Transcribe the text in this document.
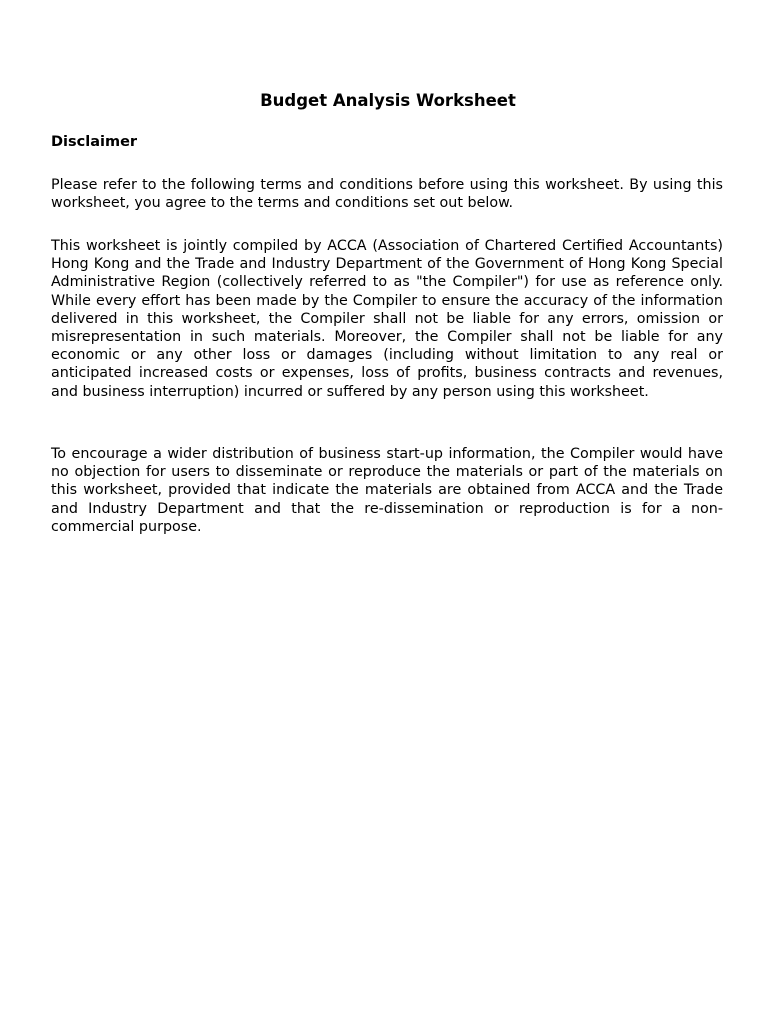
Budget Analysis Worksheet
Disclaimer

Please refer to the following terms and conditions before using this worksheet. By using this worksheet, you agree to the terms and conditions set out below.

This worksheet is jointly compiled by ACCA (Association of Chartered Certified Accountants) Hong Kong and the Trade and Industry Department of the Government of Hong Kong Special Administrative Region (collectively referred to as "the Compiler") for use as reference only. While every effort has been made by the Compiler to ensure the accuracy of the information delivered in this worksheet, the Compiler shall not be liable for any errors, omission or misrepresentation in such materials. Moreover, the Compiler shall not be liable for any economic or any other loss or damages (including without limitation to any real or anticipated increased costs or expenses, loss of profits, business contracts and revenues, and business interruption) incurred or suffered by any person using this worksheet.

To encourage a wider distribution of business start-up information, the Compiler would have no objection for users to disseminate or reproduce the materials or part of the materials on this worksheet, provided that indicate the materials are obtained from ACCA and the Trade and Industry Department and that the re-dissemination or reproduction is for a non-commercial purpose.
